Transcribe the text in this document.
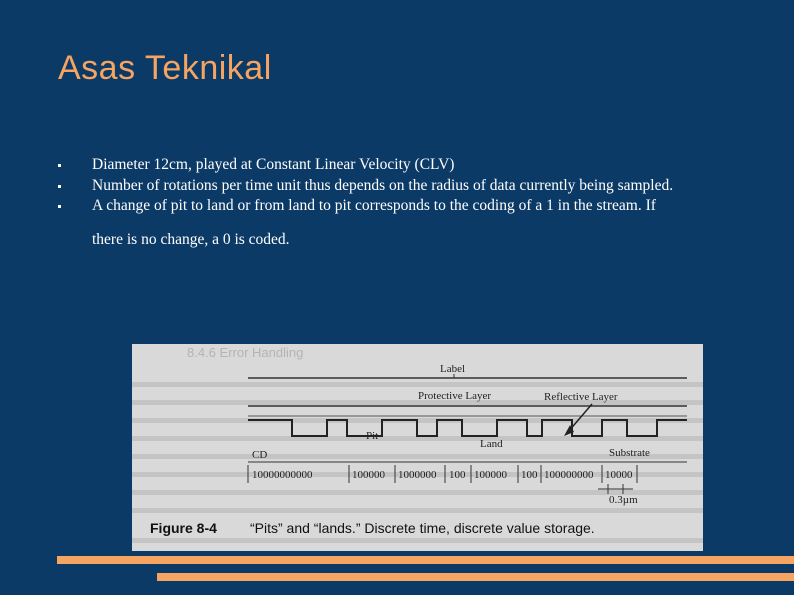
Asas Teknikal
Diameter 12cm, played at Constant Linear Velocity (CLV)
Number of rotations per time unit thus depends on the radius of data currently being sampled.
A change of pit to land or from land to pit corresponds to the coding of a 1 in the stream. If
there is no change, a 0 is coded.
8.4.6 Error Handling
Label
Protective Layer	Reflective Layer
Pit
Land
CD	Substrate
10000000000	100000 1000000 100 100000 100 100000000 10000
0.3µm
Figure 8-4 “Pits” and “lands.” Discrete time, discrete value storage.
